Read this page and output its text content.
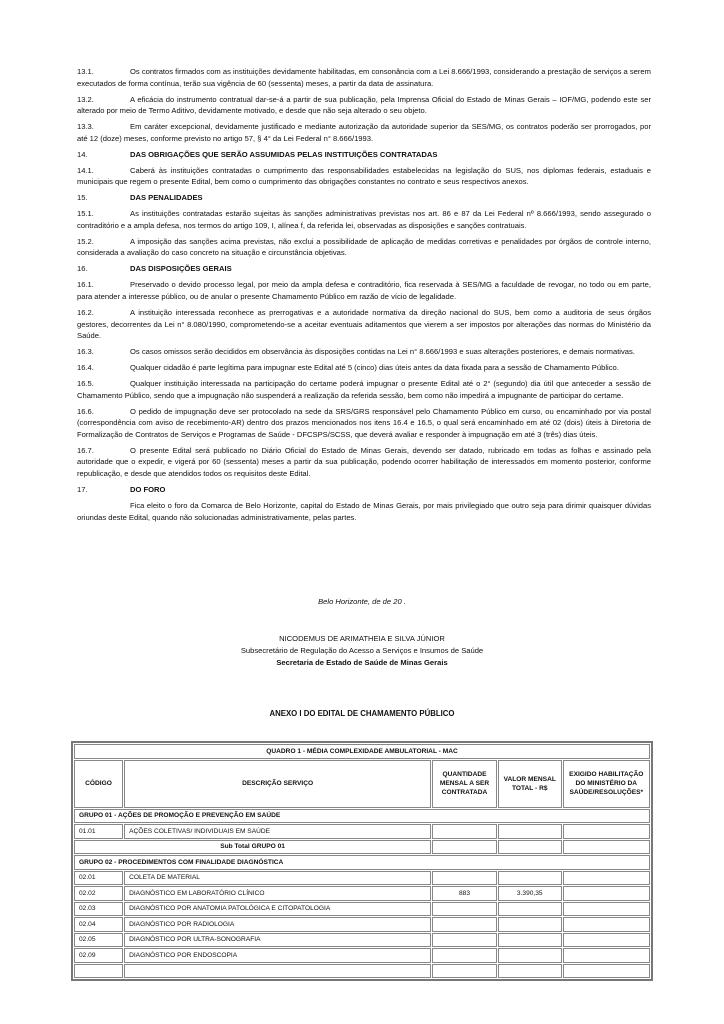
13.1.	Os contratos firmados com as instituições devidamente habilitadas, em consonância com a Lei 8.666/1993, considerando a prestação de serviços a serem executados de forma contínua, terão sua vigência de 60 (sessenta) meses, a partir da data de assinatura.

13.2.	A eficácia do instrumento contratual dar-se-á a partir de sua publicação, pela Imprensa Oficial do Estado de Minas Gerais – IOF/MG, podendo este ser alterado por meio de Termo Aditivo, devidamente motivado, e desde que não seja alterado o seu objeto.

13.3.	Em caráter excepcional, devidamente justificado e mediante autorização da autoridade superior da SES/MG, os contratos poderão ser prorrogados, por até 12 (doze) meses, conforme previsto no artigo 57, § 4° da Lei Federal n° 8.666/1993.

14.	DAS OBRIGAÇÕES QUE SERÃO ASSUMIDAS PELAS INSTITUIÇÕES CONTRATADAS

14.1.	Caberá às instituições contratadas o cumprimento das responsabilidades estabelecidas na legislação do SUS, nos diplomas federais, estaduais e municipais que regem o presente Edital, bem como o cumprimento das obrigações constantes no contrato e seus respectivos anexos.

15.	DAS PENALIDADES

15.1.	As instituições contratadas estarão sujeitas às sanções administrativas previstas nos art. 86 e 87 da Lei Federal nº 8.666/1993, sendo assegurado o contraditório e a ampla defesa, nos termos do artigo 109, I, alínea f, da referida lei, observadas as disposições e sanções contratuais.

15.2.	A imposição das sanções acima previstas, não exclui a possibilidade de aplicação de medidas corretivas e penalidades por órgãos de controle interno, considerada a avaliação do caso concreto na situação e circunstância objetivas.

16.	DAS DISPOSIÇÕES GERAIS

16.1.	Preservado o devido processo legal, por meio da ampla defesa e contraditório, fica reservada à SES/MG a faculdade de revogar, no todo ou em parte, para atender a interesse público, ou de anular o presente Chamamento Público em razão de vício de legalidade.

16.2.	A instituição interessada reconhece as prerrogativas e a autoridade normativa da direção nacional do SUS, bem como a auditoria de seus órgãos gestores, decorrentes da Lei n° 8.080/1990, comprometendo-se a aceitar eventuais aditamentos que vierem a ser impostos por alterações das normas do Ministério da Saúde.

16.3.	Os casos omissos serão decididos em observância às disposições contidas na Lei n° 8.666/1993 e suas alterações posteriores, e demais normativas.

16.4.	Qualquer cidadão é parte legítima para impugnar este Edital até 5 (cinco) dias úteis antes da data fixada para a sessão de Chamamento Público.

16.5.	Qualquer instituição interessada na participação do certame poderá impugnar o presente Edital até o 2° (segundo) dia útil que anteceder a sessão de Chamamento Público, sendo que a impugnação não suspenderá a realização da referida sessão, bem como não impedirá a impugnante de participar do certame.

16.6.	O pedido de impugnação deve ser protocolado na sede da SRS/GRS responsável pelo Chamamento Público em curso, ou encaminhado por via postal (correspondência com aviso de recebimento-AR) dentro dos prazos mencionados nos itens 16.4 e 16.5, o qual será encaminhado em até 02 (dois) úteis à Diretoria de Formalização de Contratos de Serviços e Programas de Saúde - DFCSPS/SCSS, que deverá avaliar e responder à impugnação em até 3 (três) dias úteis.

16.7.	O presente Edital será publicado no Diário Oficial do Estado de Minas Gerais, devendo ser datado, rubricado em todas as folhas e assinado pela autoridade que o expedir, e vigerá por 60 (sessenta) meses a partir da sua publicação, podendo ocorrer habilitação de interessados em momento posterior, conforme republicação, e desde que atendidos todos os requisitos deste Edital.

17.	DO FORO

Fica eleito o foro da Comarca de Belo Horizonte, capital do Estado de Minas Gerais, por mais privilegiado que outro seja para dirimir quaisquer dúvidas oriundas deste Edital, quando não solucionadas administrativamente, pelas partes.

Belo Horizonte, de de 20 .
NICODEMUS DE ARIMATHEIA E SILVA JÚNIOR
Subsecretário de Regulação do Acesso a Serviços e Insumos de Saúde
Secretaria de Estado de Saúde de Minas Gerais
ANEXO I DO EDITAL DE CHAMAMENTO PÚBLICO
QUADRO 1 - MÉDIA COMPLEXIDADE AMBULATORIAL - MAC				
CÓDIGO	DESCRIÇÃO SERVIÇO	QUANTIDADE MENSAL A SER CONTRATADA	VALOR MENSAL TOTAL - R$	EXIGIDO HABILITAÇÃO DO MINISTÉRIO DA SAÚDE/RESOLUÇÕES*
GRUPO 01 - AÇÕES DE PROMOÇÃO E PREVENÇÃO EM SAÚDE				
01.01	AÇÕES COLETIVAS/ INDIVIDUAIS EM SAÚDE			
Sub Total GRUPO 01				
GRUPO 02 - PROCEDIMENTOS COM FINALIDADE DIAGNÓSTICA				
02.01	COLETA DE MATERIAL			
02.02	DIAGNÓSTICO EM LABORATÓRIO CLÍNICO	883	3.390,35	
02.03	DIAGNÓSTICO POR ANATOMIA PATOLÓGICA E CITOPATOLOGIA			
02.04	DIAGNÓSTICO POR RADIOLOGIA			
02.05	DIAGNÓSTICO POR ULTRA-SONOGRAFIA			
02.09	DIAGNÓSTICO POR ENDOSCOPIA			
